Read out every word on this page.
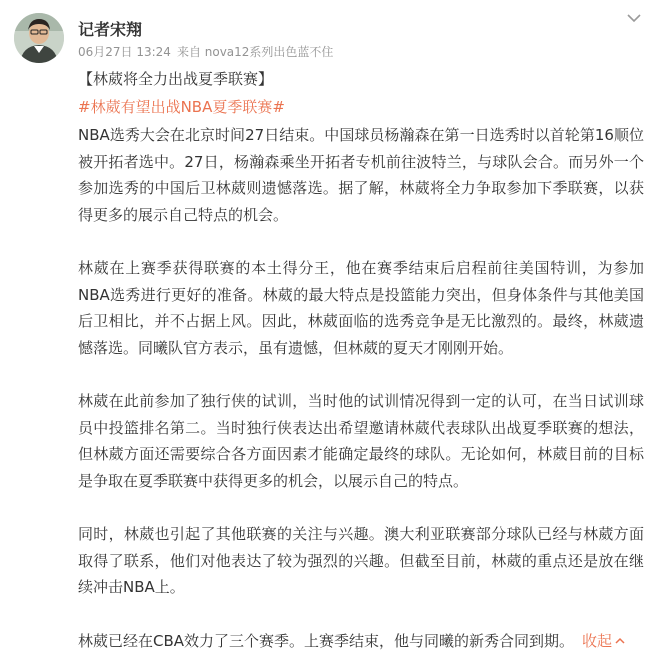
记者宋翔
06月27日 13:24 来自 nova12系列出色蓝不住

【林葳将全力出战夏季联赛】

#林葳有望出战NBA夏季联赛#

NBA选秀大会在北京时间27日结束。中国球员杨瀚森在第一日选秀时以首轮第16顺位被开拓者选中。27日，杨瀚森乘坐开拓者专机前往波特兰，与球队会合。而另外一个参加选秀的中国后卫林葳则遗憾落选。据了解，林葳将全力争取参加下季联赛，以获得更多的展示自己特点的机会。

林葳在上赛季获得联赛的本土得分王，他在赛季结束后启程前往美国特训，为参加NBA选秀进行更好的准备。林葳的最大特点是投篮能力突出，但身体条件与其他美国后卫相比，并不占据上风。因此，林葳面临的选秀竞争是无比激烈的。最终，林葳遗憾落选。同曦队官方表示，虽有遗憾，但林葳的夏天才刚刚开始。

林葳在此前参加了独行侠的试训，当时他的试训情况得到一定的认可，在当日试训球员中投篮排名第二。当时独行侠表达出希望邀请林葳代表球队出战夏季联赛的想法，但林葳方面还需要综合各方面因素才能确定最终的球队。无论如何，林葳目前的目标是争取在夏季联赛中获得更多的机会，以展示自己的特点。

同时，林葳也引起了其他联赛的关注与兴趣。澳大利亚联赛部分球队已经与林葳方面取得了联系，他们对他表达了较为强烈的兴趣。但截至目前，林葳的重点还是放在继续冲击NBA上。

林葳已经在CBA效力了三个赛季。上赛季结束，他与同曦的新秀合同到期。 收起
